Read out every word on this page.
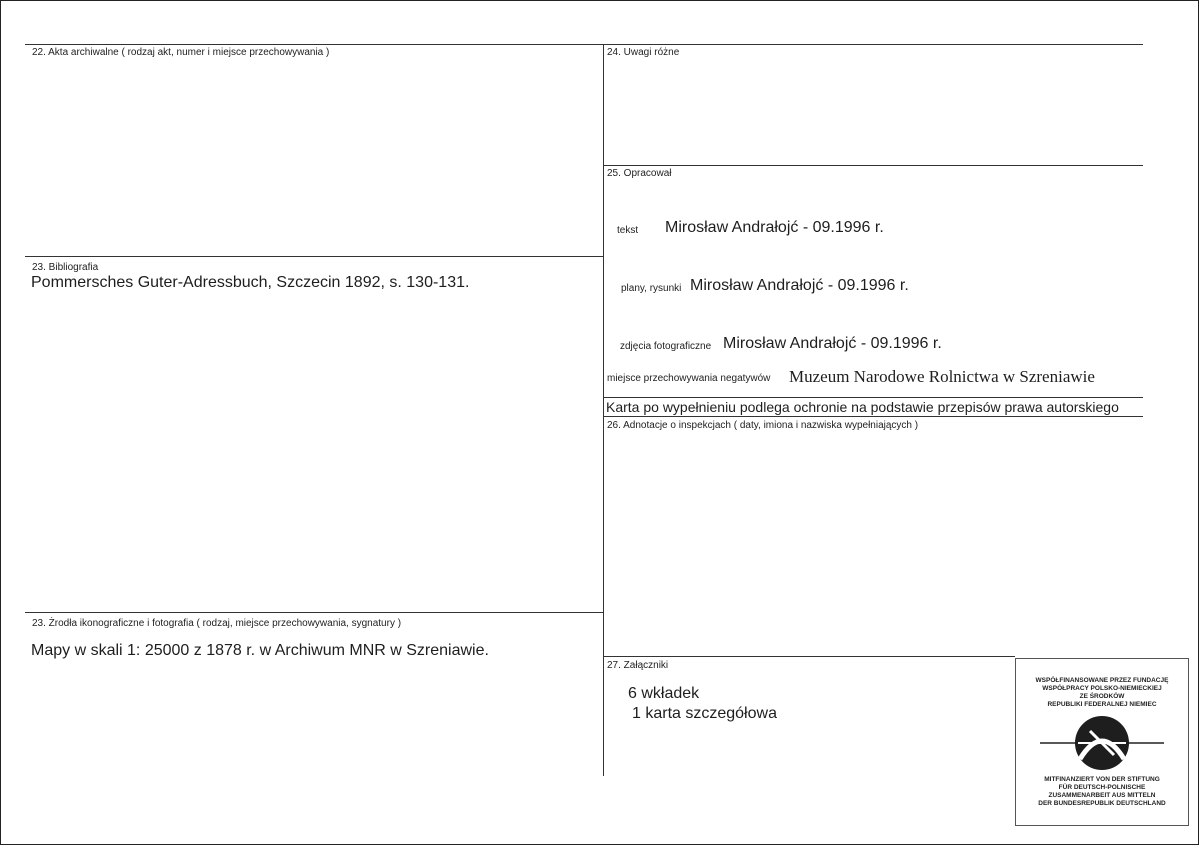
22. Akta archiwalne ( rodzaj akt, numer i miejsce przechowywania )
23. Bibliografia
Pommersches Guter-Adressbuch, Szczecin 1892, s. 130-131.
23. Żrodła ikonograficzne i fotografia ( rodzaj, miejsce przechowywania, sygnatury )
Mapy w skali 1: 25000 z 1878 r. w Archiwum MNR w Szreniawie.
24. Uwagi różne
25. Opracował
tekst Mirosław Andrałojć - 09.1996 r.
plany, rysunki Mirosław Andrałojć - 09.1996 r.
zdjęcia fotograficzne Mirosław Andrałojć - 09.1996 r.
miejsce przechowywania negatywów Muzeum Narodowe Rolnictwa w Szreniawie
Karta po wypełnieniu podlega ochronie na podstawie przepisów prawa autorskiego
26. Adnotacje o inspekcjach ( daty, imiona i nazwiska wypełniających )
27. Załączniki
6 wkładek
1 karta szczegółowa
WSPÓŁFINANSOWANE PRZEZ FUNDACJĘ
WSPÓŁPRACY POLSKO-NIEMIECKIEJ
ZE ŚRODKÓW
REPUBLIKI FEDERALNEJ NIEMIEC
MITFINANZIERT VON DER STIFTUNG
FÜR DEUTSCH-POLNISCHE
ZUSAMMENARBEIT AUS MITTELN
DER BUNDESREPUBLIK DEUTSCHLAND
